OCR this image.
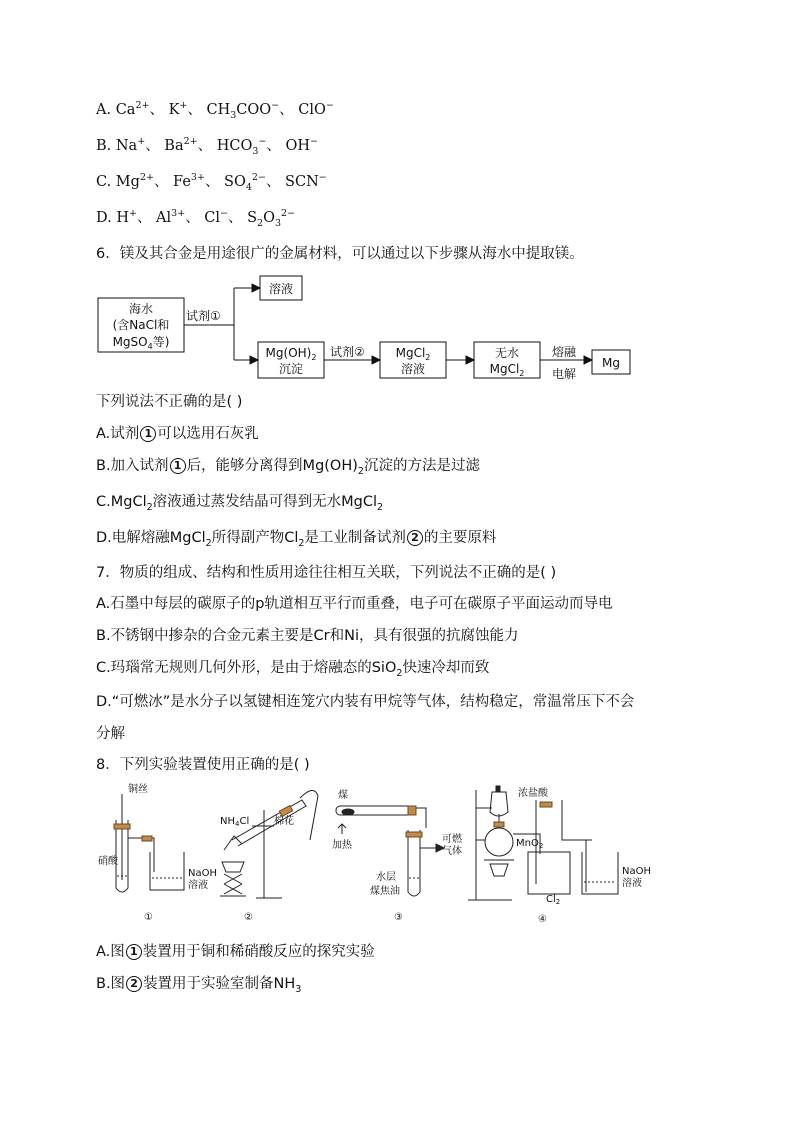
A. $Ca^{2+}$、 K+、 $CH_3COO^-$、 ClO−
B. Na+、 $Ba^{2+}$、 $HCO_3^-$、 OH−
C. $Mg^{2+}$、 $Fe^{3+}$、 $SO_4^{2-}$、 SCN−
D. H+、 $Al^{3+}$、 Cl−、 $S_2O_3^{2-}$
6．镁及其合金是用途很广的金属材料，可以通过以下步骤从海水中提取镁。
海水
(含NaCl和
MgSO$_4$等)
试剂①
溶液
$Mg(OH)_2$
沉淀
试剂②	MgCl$_2$
溶液
无水
MgCl$_2$
熔融
电解
Mg
下列说法不正确的是( )
A.试剂 1 可以选用石灰乳
B.加入试剂 1 后，能够分离得到$Mg(OH)_2$沉淀的方法是过滤
C.MgCl$_2$溶液通过蒸发结晶可得到无水MgCl$_2$
D.电解熔融MgCl$_2$所得副产物$Cl_2$是工业制备试剂 2 的主要原料
7．物质的组成、结构和性质用途往往相互关联，下列说法不正确的是( )
A.石墨中每层的碳原子的p轨道相互平行而重叠，电子可在碳原子平面运动而导电
B.不锈钢中掺杂的合金元素主要是Cr和Ni，具有很强的抗腐蚀能力
C.玛瑙常无规则几何外形，是由于熔融态的SiO$_2$快速冷却而致
D.“可燃冰”是水分子以氢键相连笼穴内装有甲烷等气体，结构稳定，常温常压下不会
分解
8．下列实验装置使用正确的是( )
铜丝
硝酸
NaOH
溶液
①
$NH_4Cl$ 棉花
②
煤
加热
可燃
气体
水层
煤焦油
③
浓盐酸
MnO$_2$
$Cl_2$
NaOH
溶液
④
A.图 1 装置用于铜和稀硝酸反应的探究实验
B.图 2 装置用于实验室制备$NH_3$
